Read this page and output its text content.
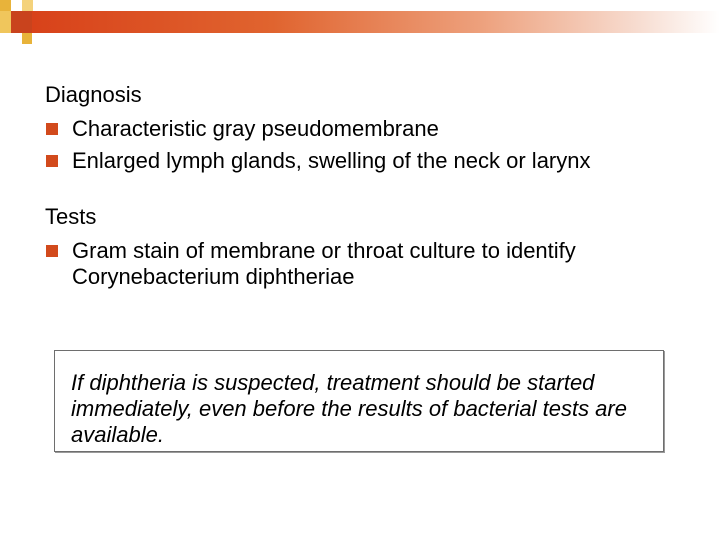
Diagnosis

Characteristic gray pseudomembrane
Enlarged lymph glands, swelling of the neck or larynx

Tests

Gram stain of membrane or throat culture to identify Corynebacterium diphtheriae
If diphtheria is suspected, treatment should be started immediately, even before the results of bacterial tests are available.
